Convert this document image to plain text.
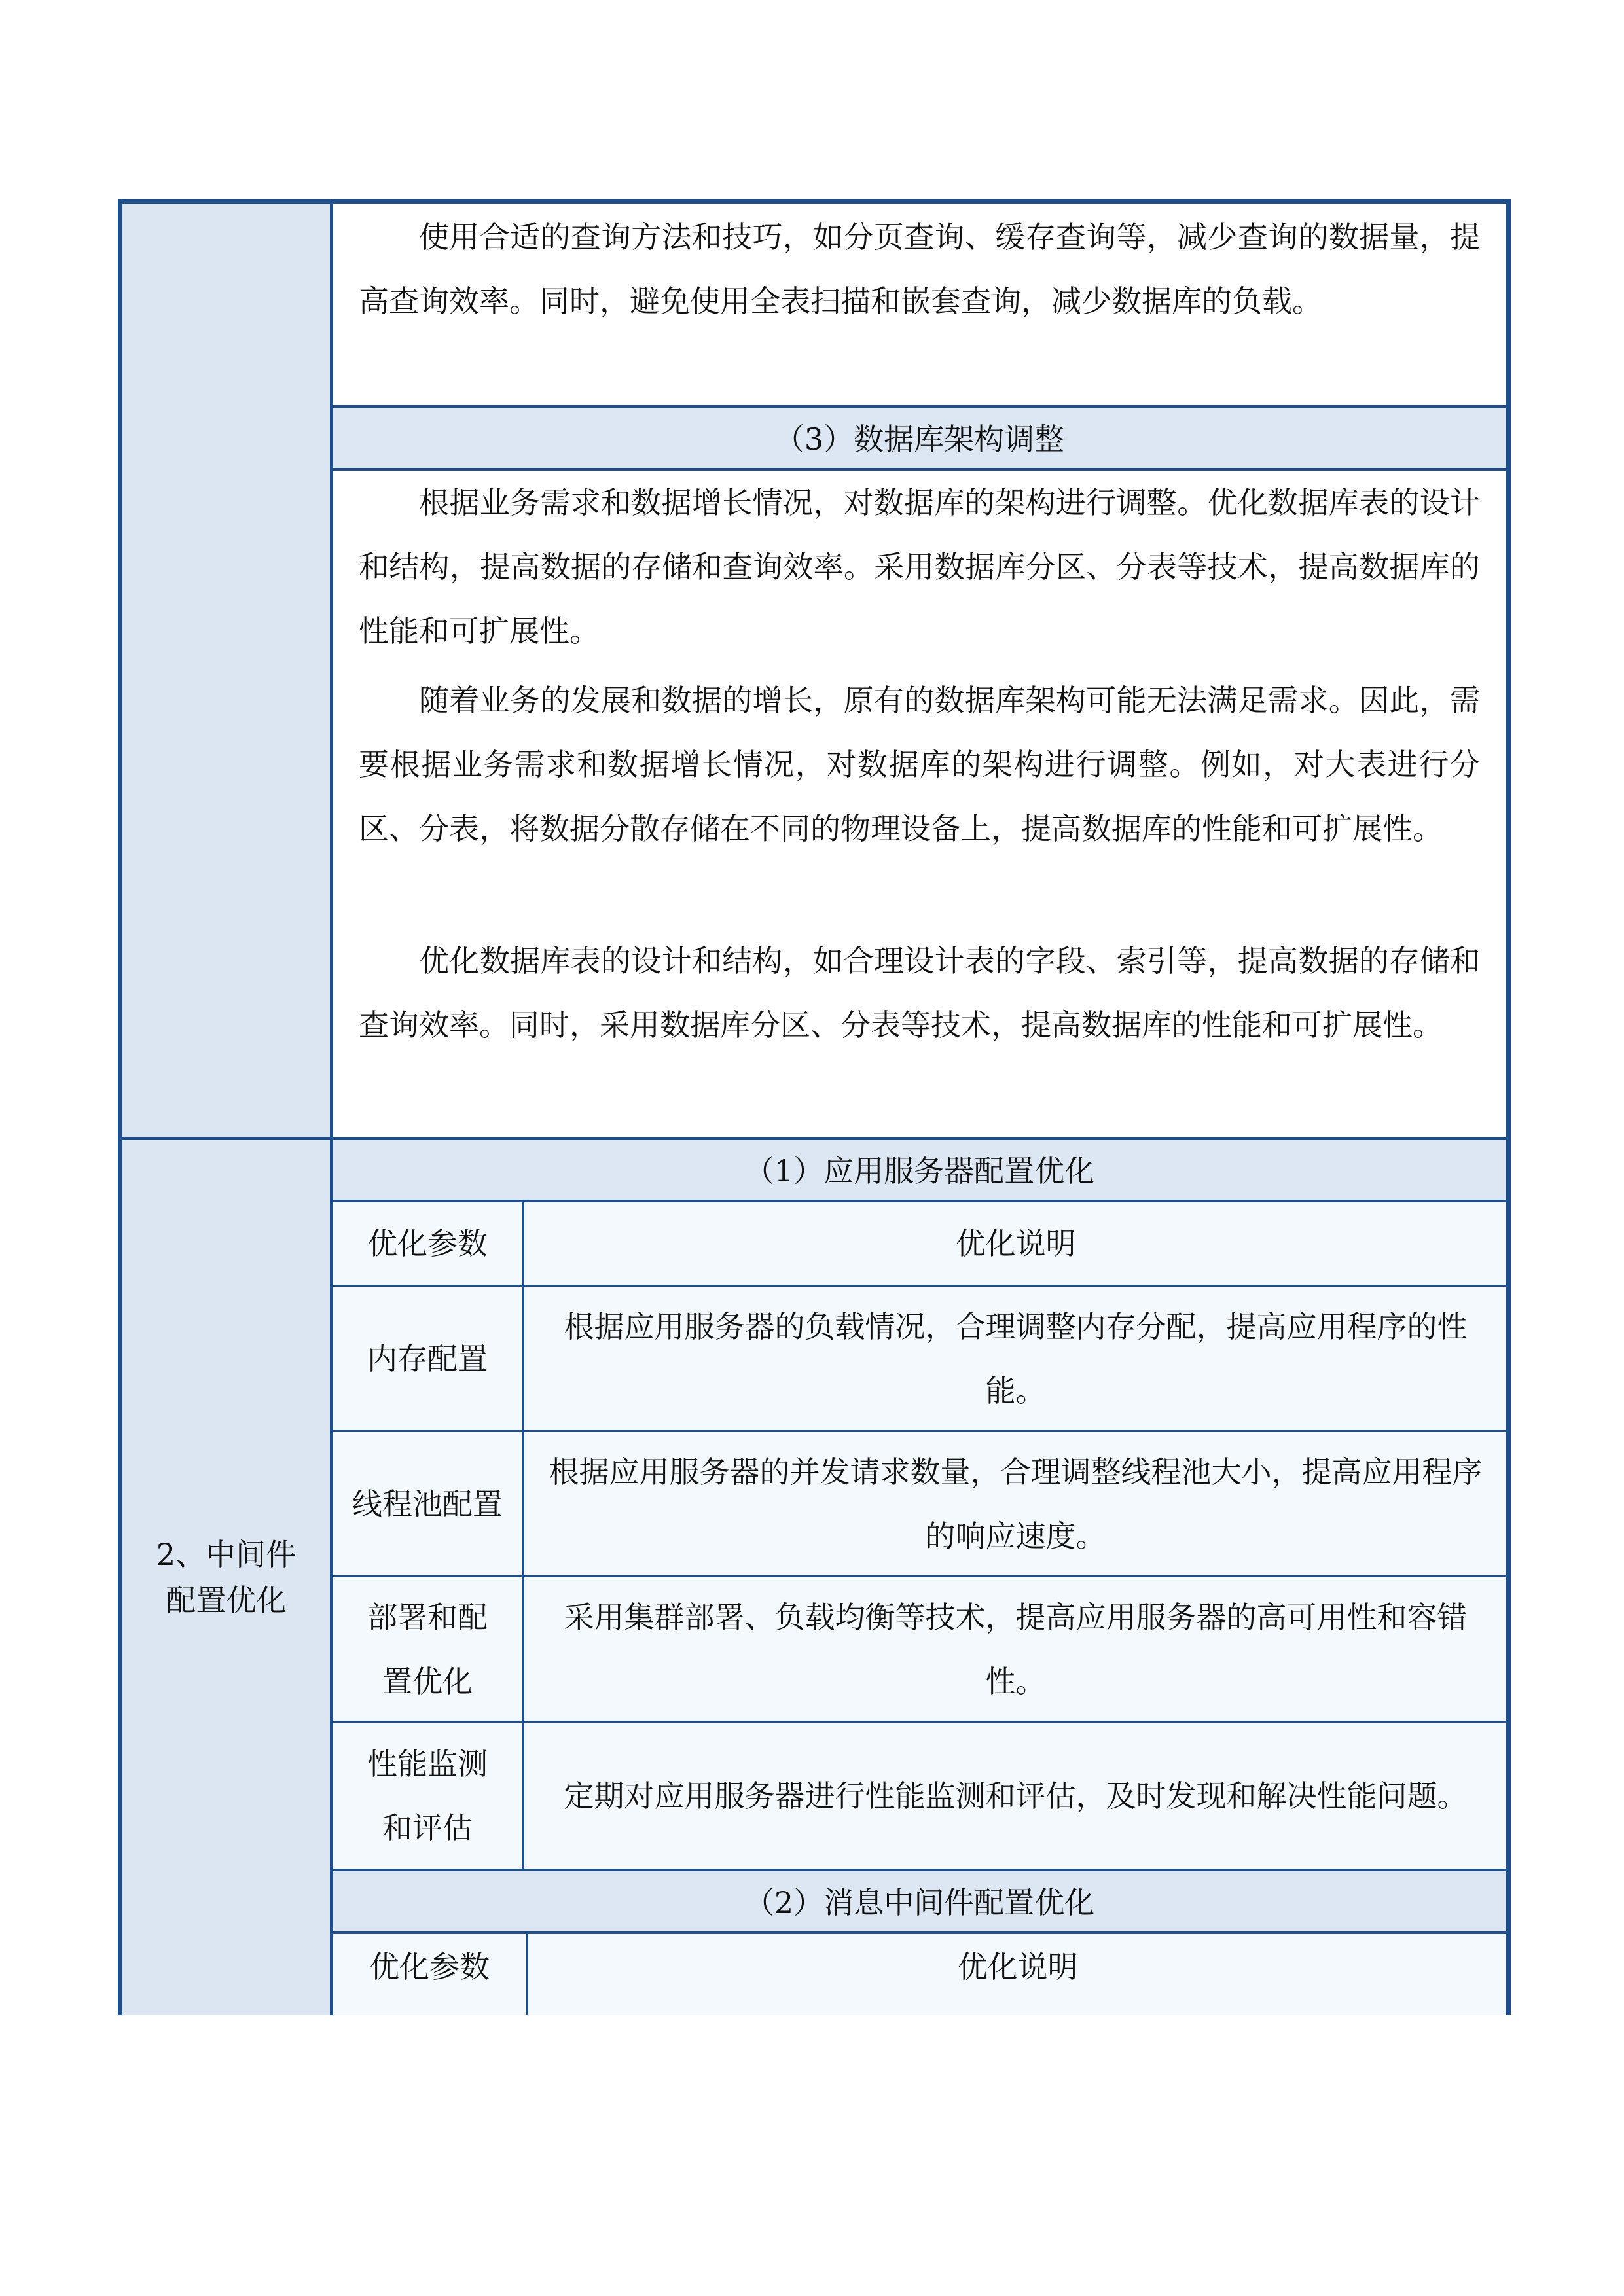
2、中间件
配置优化
使用合适的查询方法和技巧，如分页查询、缓存查询等，减少查询的数据量，提高查询效率。同时，避免使用全表扫描和嵌套查询，减少数据库的负载。
（3）数据库架构调整
根据业务需求和数据增长情况，对数据库的架构进行调整。优化数据库表的设计和结构，提高数据的存储和查询效率。采用数据库分区、分表等技术，提高数据库的性能和可扩展性。
随着业务的发展和数据的增长，原有的数据库架构可能无法满足需求。因此，需要根据业务需求和数据增长情况，对数据库的架构进行调整。例如，对大表进行分区、分表，将数据分散存储在不同的物理设备上，提高数据库的性能和可扩展性。
优化数据库表的设计和结构，如合理设计表的字段、索引等，提高数据的存储和查询效率。同时，采用数据库分区、分表等技术，提高数据库的性能和可扩展性。
（1）应用服务器配置优化
优化参数	优化说明
内存配置
根据应用服务器的负载情况，合理调整内存分配，提高应用程序的性能。
线程池配置
根据应用服务器的并发请求数量，合理调整线程池大小，提高应用程序的响应速度。
部署和配置优化
采用集群部署、负载均衡等技术，提高应用服务器的高可用性和容错性。
性能监测和评估
定期对应用服务器进行性能监测和评估，及时发现和解决性能问题。
（2）消息中间件配置优化
优化参数	优化说明
